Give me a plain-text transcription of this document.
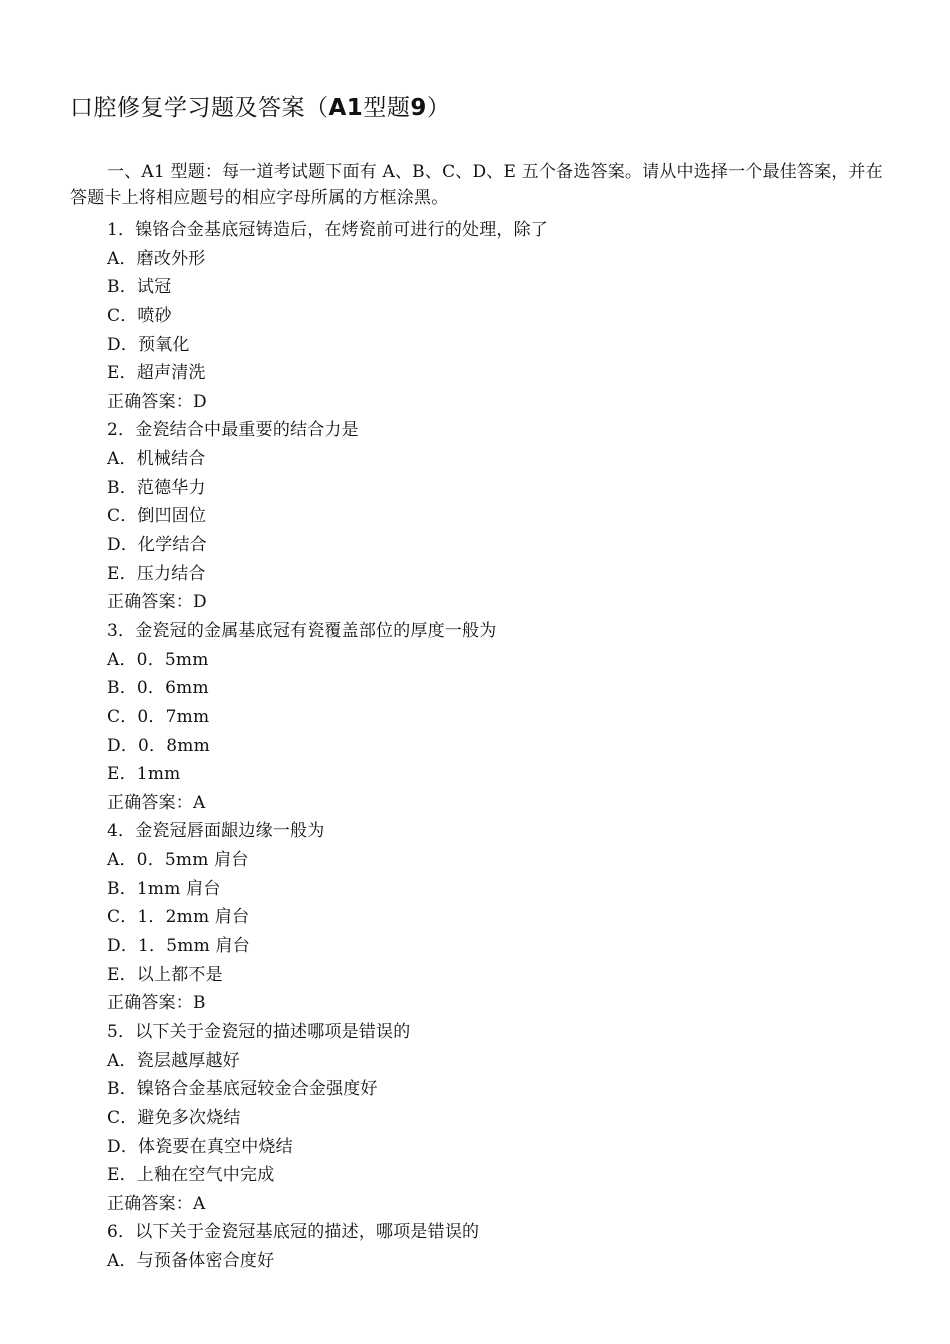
口腔修复学习题及答案（A1型题9）
一、A1 型题：每一道考试题下面有 A、B、C、D、E 五个备选答案。请从中选择一个最佳答案，并在答题卡上将相应题号的相应字母所属的方框涂黑。
1．镍铬合金基底冠铸造后，在烤瓷前可进行的处理，除了
A．磨改外形
B．试冠
C．喷砂
D．预氧化
E．超声清洗
正确答案：D
2．金瓷结合中最重要的结合力是
A．机械结合
B．范德华力
C．倒凹固位
D．化学结合
E．压力结合
正确答案：D
3．金瓷冠的金属基底冠有瓷覆盖部位的厚度一般为
A．0．5mm
B．0．6mm
C．0．7mm
D．0．8mm
E．1mm
正确答案：A
4．金瓷冠唇面龈边缘一般为
A．0．5mm 肩台
B．1mm 肩台
C．1．2mm 肩台
D．1．5mm 肩台
E．以上都不是
正确答案：B
5．以下关于金瓷冠的描述哪项是错误的
A．瓷层越厚越好
B．镍铬合金基底冠较金合金强度好
C．避免多次烧结
D．体瓷要在真空中烧结
E．上釉在空气中完成
正确答案：A
6．以下关于金瓷冠基底冠的描述，哪项是错误的
A．与预备体密合度好
